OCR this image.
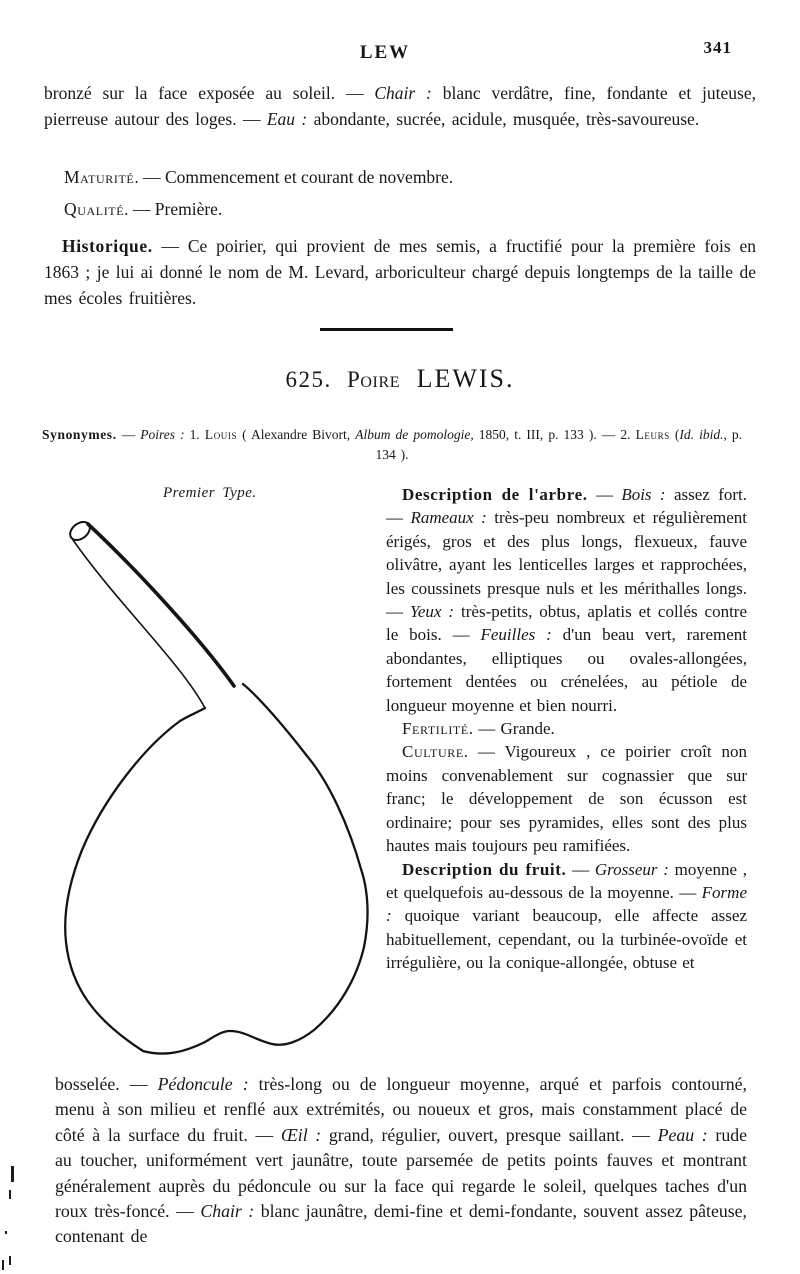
LEW	341
bronzé sur la face exposée au soleil. — Chair : blanc verdâtre, fine, fondante et juteuse, pierreuse autour des loges. — Eau : abondante, sucrée, acidule, musquée, très-savoureuse.
Maturité. — Commencement et courant de novembre.
Qualité. — Première.
Historique. — Ce poirier, qui provient de mes semis, a fructifié pour la première fois en 1863 ; je lui ai donné le nom de M. Levard, arboriculteur chargé depuis longtemps de la taille de mes écoles fruitières.
625. Poire LEWIS.
Synonymes. — Poires : 1. Louis ( Alexandre Bivort, Album de pomologie, 1850, t. III, p. 133 ). — 2. Leurs (Id. ibid., p. 134 ).
Premier Type.	Description de l'arbre. — Bois : assez fort. — Rameaux : très-peu nombreux et régulièrement érigés, gros et des plus longs, flexueux, fauve olivâtre, ayant les lenticelles larges et rapprochées, les coussinets presque nuls et les mérithalles longs. — Yeux : très-petits, obtus, aplatis et collés contre le bois. — Feuilles : d'un beau vert, rarement abondantes, elliptiques ou ovales-allongées, fortement dentées ou crénelées, au pétiole de longueur moyenne et bien nourri.

Fertilité. — Grande.

Culture. — Vigoureux , ce poirier croît non moins convenablement sur cognassier que sur franc; le développement de son écusson est ordinaire; pour ses pyramides, elles sont des plus hautes mais toujours peu ramifiées.

Description du fruit. — Grosseur : moyenne , et quelquefois au-dessous de la moyenne. — Forme : quoique variant beaucoup, elle affecte assez habituellement, cependant, ou la turbinée-ovoïde et irrégulière, ou la conique-allongée, obtuse et

bosselée. — Pédoncule : très-long ou de longueur moyenne, arqué et parfois contourné, menu à son milieu et renflé aux extrémités, ou noueux et gros, mais constamment placé de côté à la surface du fruit. — Œil : grand, régulier, ouvert, presque saillant. — Peau : rude au toucher, uniformément vert jaunâtre, toute parsemée de petits points fauves et montrant généralement auprès du pédoncule ou sur la face qui regarde le soleil, quelques taches d'un roux très-foncé. — Chair : blanc jaunâtre, demi-fine et demi-fondante, souvent assez pâteuse, contenant de
